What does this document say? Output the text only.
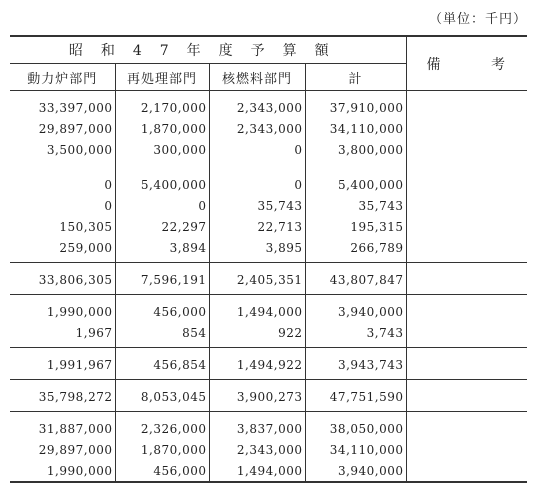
（単位：千円）
昭和47年度予算額				備 考

動力炉部門	再処理部門	核燃料部門	計	
33,397,000	2,170,000	2,343,000	37,910,000	
29,897,000	1,870,000	2,343,000	34,110,000	
3,500,000	300,000	0	3,800,000	

0	5,400,000	0	5,400,000	
0	0	35,743	35,743	
150,305	22,297	22,713	195,315	
259,000	3,894	3,895	266,789	
33,806,305	7,596,191	2,405,351	43,807,847	
1,990,000	456,000	1,494,000	3,940,000	
1,967	854	922	3,743	
1,991,967	456,854	1,494,922	3,943,743	
35,798,272	8,053,045	3,900,273	47,751,590	
31,887,000	2,326,000	3,837,000	38,050,000	
29,897,000	1,870,000	2,343,000	34,110,000	
1,990,000	456,000	1,494,000	3,940,000	
